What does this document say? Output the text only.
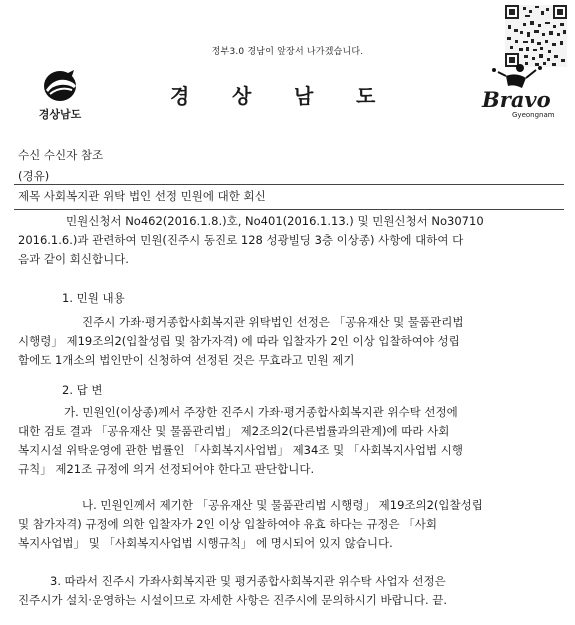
정부3.0 경남이 앞장서 나가겠습니다.
경상남도
경 상 남 도	Bravo
Gyeongnam
수신 수신자 참조
(경유)
제목 사회복지관 위탁 법인 선정 민원에 대한 회신
민원신청서 No462(2016.1.8.)호, No401(2016.1.13.) 및 민원신청서 No30710
2016.1.6.)과 관련하여 민원(진주시 동진로 128 성광빌딩 3층 이상종) 사항에 대하여 다
음과 같이 회신합니다.
1. 민원 내용
진주시 가좌·평거종합사회복지관 위탁법인 선정은 「공유재산 및 물품관리법
시행령」 제19조의2(입찰성립 및 참가자격) 에 따라 입찰자가 2인 이상 입찰하여야 성립
함에도 1개소의 법인만이 신청하여 선정된 것은 무효라고 민원 제기
2. 답 변
가. 민원인(이상종)께서 주장한 진주시 가좌·평거종합사회복지관 위수탁 선정에
대한 검토 결과 「공유재산 및 물품관리법」 제2조의2(다른법률과의관계)에 따라 사회
복지시설 위탁운영에 관한 법률인 「사회복지사업법」 제34조 및 「사회복지사업법 시행
규칙」 제21조 규정에 의거 선정되어야 한다고 판단합니다.
나. 민원인께서 제기한 「공유재산 및 물품관리법 시행령」 제19조의2(입찰성립
및 참가자격) 규정에 의한 입찰자가 2인 이상 입찰하여야 유효 하다는 규정은 「사회
복지사업법」 및 「사회복지사업법 시행규칙」 에 명시되어 있지 않습니다.
3. 따라서 진주시 가좌사회복지관 및 평거종합사회복지관 위수탁 사업자 선정은
진주시가 설치·운영하는 시설이므로 자세한 사항은 진주시에 문의하시기 바랍니다. 끝.
